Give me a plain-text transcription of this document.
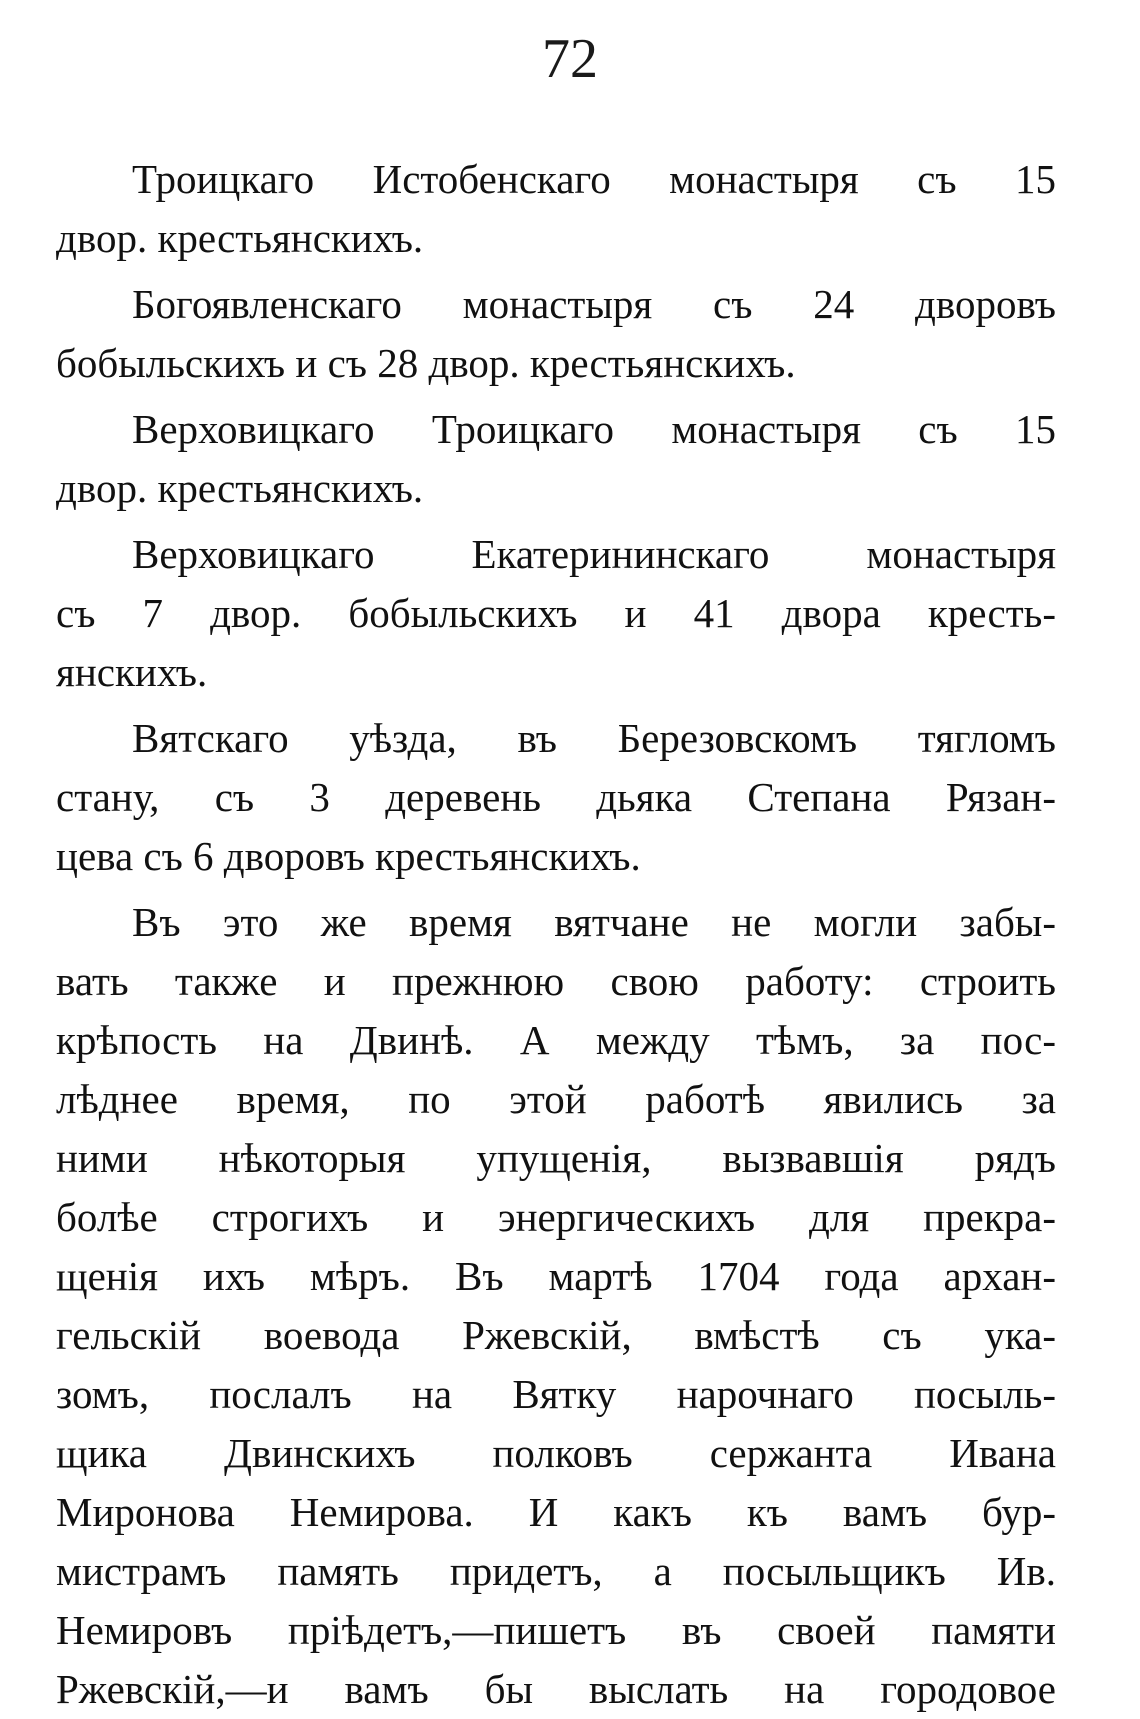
72
Троицкаго Истобенскаго монастыря съ 15
двор. крестьянскихъ.
Богоявленскаго монастыря съ 24 дворовъ
бобыльскихъ и съ 28 двор. крестьянскихъ.
Верховицкаго Троицкаго монастыря съ 15
двор. крестьянскихъ.
Верховицкаго Екатерининскаго монастыря
съ 7 двор. бобыльскихъ и 41 двора кресть-
янскихъ.
Вятскаго уѣзда, въ Березовскомъ тягломъ
стану, съ 3 деревень дьяка Степана Рязан-
цева съ 6 дворовъ крестьянскихъ.
Въ это же время вятчане не могли забы-
вать также и прежнюю свою работу: строить
крѣпость на Двинѣ. А между тѣмъ, за пос-
лѣднее время, по этой работѣ явились за
ними нѣкоторыя упущенія, вызвавшія рядъ
болѣе строгихъ и энергическихъ для прекра-
щенія ихъ мѣръ. Въ мартѣ 1704 года архан-
гельскій воевода Ржевскій, вмѣстѣ съ ука-
зомъ, послалъ на Вятку нарочнаго посыль-
щика Двинскихъ полковъ сержанта Ивана
Миронова Немирова. И какъ къ вамъ бур-
мистрамъ память придетъ, а посыльщикъ Ив.
Немировъ пріѣдетъ,—пишетъ въ своей памяти
Ржевскій,—и вамъ бы выслать на городовое
